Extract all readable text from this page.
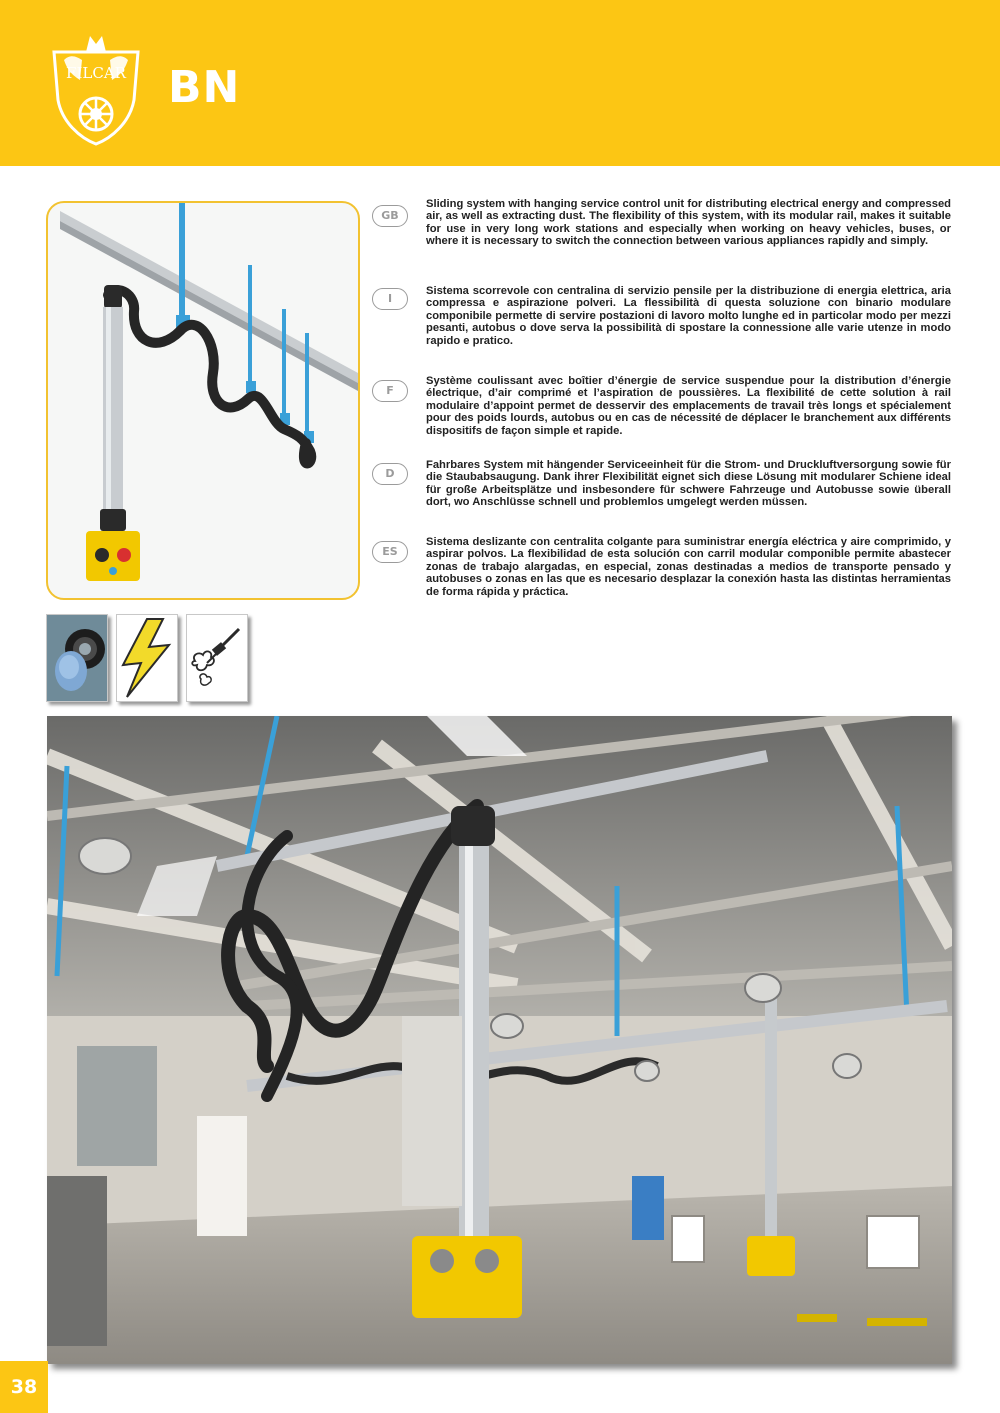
FILCAR BN
GB

Sliding system with hanging service control unit for distributing electrical energy and compressed air, as well as extracting dust. The flexibility of this system, with its modular rail, makes it suitable for use in very long work stations and especially when working on heavy vehicles, buses, or where it is necessary to switch the connection between various appliances rapidly and simply.

I

Sistema scorrevole con centralina di servizio pensile per la distribuzione di energia elettrica, aria compressa e aspirazione polveri. La flessibilità di questa soluzione con binario modulare componibile permette di servire postazioni di lavoro molto lunghe ed in particolar modo per mezzi pesanti, autobus o dove serva la possibilità di spostare la connessione alle varie utenze in modo rapido e pratico.

F

Système coulissant avec boîtier d’énergie de service suspendue pour la distribution d’énergie électrique, d’air comprimé et l’aspiration de poussières. La flexibilité de cette solution à rail modulaire d’appoint permet de desservir des emplacements de travail très longs et spécialement pour des poids lourds, autobus ou en cas de nécessité de déplacer le branchement aux différents dispositifs de façon simple et rapide.

D

Fahrbares System mit hängender Serviceeinheit für die Strom- und Druckluftversorgung sowie für die Staubabsaugung. Dank ihrer Flexibilität eignet sich diese Lösung mit modularer Schiene ideal für große Arbeitsplätze und insbesondere für schwere Fahrzeuge und Autobusse sowie überall dort, wo Anschlüsse schnell und problemlos umgelegt werden müssen.

ES

Sistema deslizante con centralita colgante para suministrar energía eléctrica y aire comprimido, y aspirar polvos. La flexibilidad de esta solución con carril modular componible permite abastecer zonas de trabajo alargadas, en especial, zonas destinadas a medios de transporte pensado y autobuses o zonas en las que es necesario desplazar la conexión hasta las distintas herramientas de forma rápida y práctica.

38
